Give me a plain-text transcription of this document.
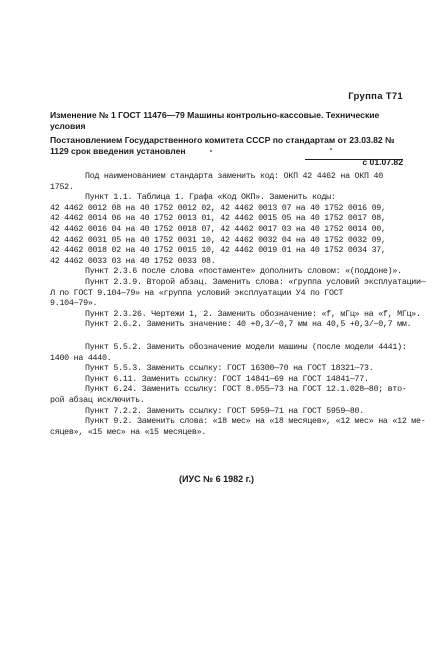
Группа Т71
Изменение № 1 ГОСТ 11476—79 Машины контрольно-кассовые. Технические условия
Постановлением Государственного комитета СССР по стандартам от 23.03.82 № 1129 срок введения установлен
с 01.07.82
Под наименованием стандарта заменить код: ОКП 42 4462 на ОКП 40
1752.
Пункт 1.1. Таблица 1. Графа «Код ОКП». Заменить коды:
42 4462 0012 08 на 40 1752 0012 02, 42 4462 0013 07 на 40 1752 0016 09,
42 4462 0014 06 на 40 1752 0013 01, 42 4462 0015 05 на 40 1752 0017 08,
42 4462 0016 04 на 40 1752 0018 07, 42 4462 0017 03 на 40 1752 0014 00,
42 4462 0031 05 на 40 1752 0031 10, 42 4462 0032 04 на 40 1752 0032 09,
42 4462 0018 02 на 40 1752 0015 10, 42 4462 0019 01 на 40 1752 0034 37,
42 4462 0033 03 на 40 1752 0033 08.
Пункт 2.3.6 после слова «постаменте» дополнить словом: «(поддоне)».
Пункт 2.3.9. Второй абзац. Заменить слова: «группа условий эксплуатации—
Л по ГОСТ 9.104—79» на «группа условий эксплуатации У4 по ГОСТ
9.104—79».
Пункт 2.3.26. Чертежи 1, 2. Заменить обозначение: «f, мГц» на «f, МГц».
Пункт 2.6.2. Заменить значение: 40 +0,3/−0,7 мм на 40,5 +0,3/−0,7 мм.
Пункт 5.5.2. Заменить обозначение модели машины (после модели 4441):
1400 на 4440.
Пункт 5.5.3. Заменить ссылку: ГОСТ 16300—70 на ГОСТ 18321—73.
Пункт 6.11. Заменить ссылку: ГОСТ 14841—69 на ГОСТ 14841—77.
Пункт 6.24. Заменить ссылку: ГОСТ 8.055—73 на ГОСТ 12.1.028—80; вто-
рой абзац исключить.
Пункт 7.2.2. Заменить ссылку: ГОСТ 5959—71 на ГОСТ 5959—80.
Пункт 9.2. Заменить слова: «18 мес» на «18 месяцев», «12 мес» на «12 ме-
сяцев», «15 мес» на «15 месяцев».
(ИУС № 6 1982 г.)
